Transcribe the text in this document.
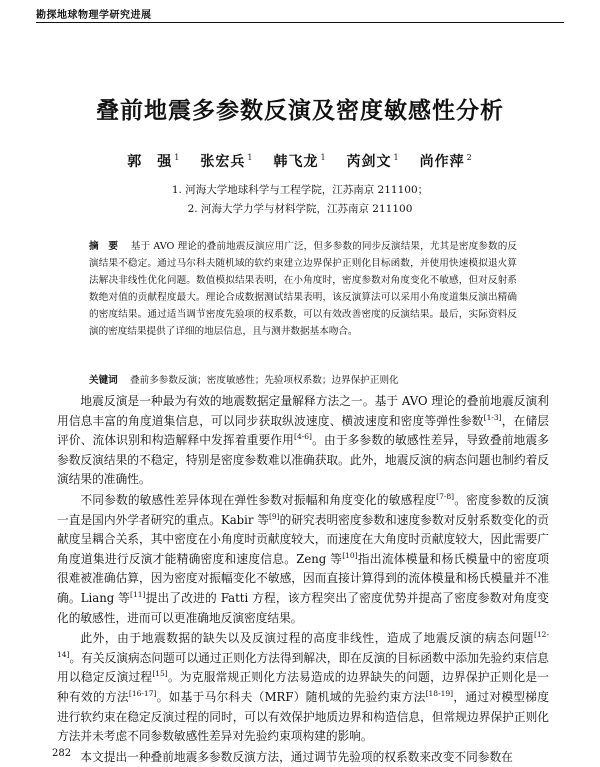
勘探地球物理学研究进展
叠前地震多参数反演及密度敏感性分析
郭　强 $^1$ 张宏兵 $^1$ 韩飞龙 $^1$ 芮剑文 $^1$ 尚作萍 $^2$
1. 河海大学地球科学与工程学院，江苏南京 211100；
2. 河海大学力学与材料学院，江苏南京 211100
摘　要 基于 AVO 理论的叠前地震反演应用广泛，但多参数的同步反演结果，尤其是密度参数的反演结果不稳定。通过马尔科夫随机域的软约束建立边界保护正则化目标函数，并使用快速模拟退火算法解决非线性优化问题。数值模拟结果表明，在小角度时，密度参数对角度变化不敏感，但对反射系数绝对值的贡献程度最大。理论合成数据测试结果表明，该反演算法可以采用小角度道集反演出精确的密度结果。通过适当调节密度先验项的权系数，可以有效改善密度的反演结果。最后，实际资料反演的密度结果提供了详细的地层信息，且与测井数据基本吻合。
关键词 叠前多参数反演；密度敏感性；先验项权系数；边界保护正则化

地震反演是一种最为有效的地震数据定量解释方法之一。基于 AVO 理论的叠前地震反演利用信息丰富的角度道集信息，可以同步获取纵波速度、横波速度和密度等弹性参数[1-3]，在储层评价、流体识别和构造解释中发挥着重要作用[4-6]。由于多参数的敏感性差异，导致叠前地震多参数反演结果的不稳定，特别是密度参数难以准确获取。此外，地震反演的病态问题也制约着反演结果的准确性。

不同参数的敏感性差异体现在弹性参数对振幅和角度变化的敏感程度[7-8]。密度参数的反演一直是国内外学者研究的重点。Kabir 等[9]的研究表明密度参数和速度参数对反射系数变化的贡献度呈耦合关系，其中密度在小角度时贡献度较大，而速度在大角度时贡献度较大，因此需要广角度道集进行反演才能精确密度和速度信息。Zeng 等[10]指出流体模量和杨氏模量中的密度项很难被准确估算，因为密度对振幅变化不敏感，因而直接计算得到的流体模量和杨氏模量并不准确。Liang 等[11]提出了改进的 Fatti 方程，该方程突出了密度优势并提高了密度参数对角度变化的敏感性，进而可以更准确地反演密度结果。

此外，由于地震数据的缺失以及反演过程的高度非线性，造成了地震反演的病态问题[12-14]。有关反演病态问题可以通过正则化方法得到解决，即在反演的目标函数中添加先验约束信息用以稳定反演过程[15]。为克服常规正则化方法易造成的边界缺失的问题，边界保护正则化是一种有效的方法[16-17]。如基于马尔科夫（MRF）随机域的先验约束方法[18-19]，通过对模型梯度进行软约束在稳定反演过程的同时，可以有效保护地质边界和构造信息，但常规边界保护正则化方法并未考虑不同参数敏感性差异对先验约束项构建的影响。

本文提出一种叠前地震多参数反演方法，通过调节先验项的权系数来改变不同参数在

282
